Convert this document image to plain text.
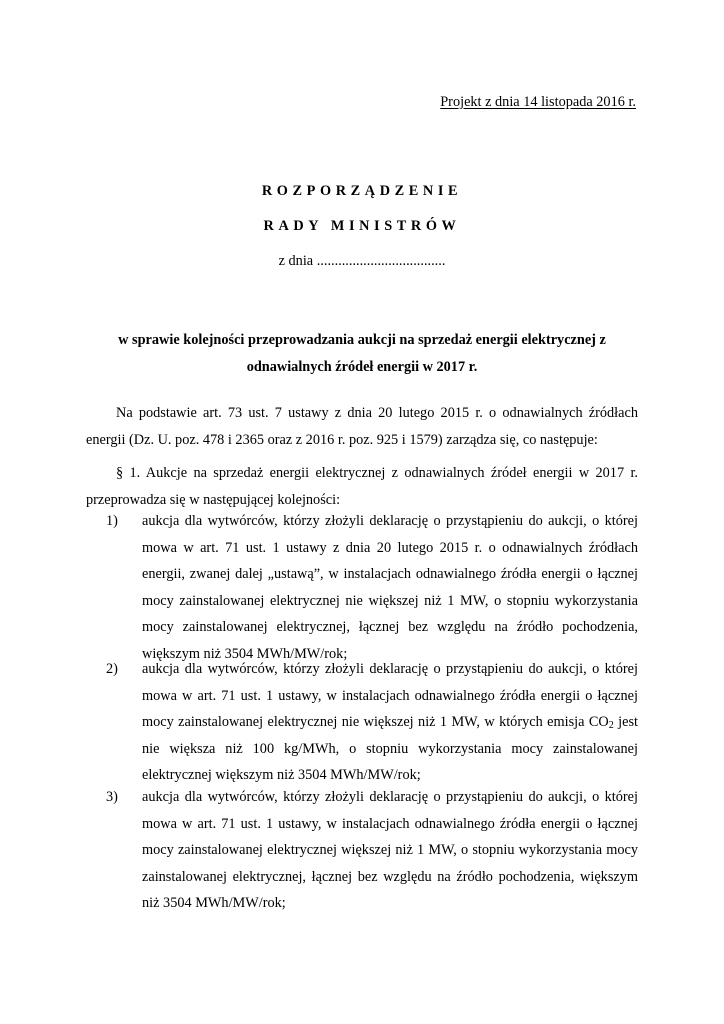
Projekt z dnia 14 listopada 2016 r.
ROZPORZĄDZENIE
RADY MINISTRÓW
z dnia ....................................
w sprawie kolejności przeprowadzania aukcji na sprzedaż energii elektrycznej z odnawialnych źródeł energii w 2017 r.
Na podstawie art. 73 ust. 7 ustawy z dnia 20 lutego 2015 r. o odnawialnych źródłach energii (Dz. U. poz. 478 i 2365 oraz z 2016 r. poz. 925 i 1579) zarządza się, co następuje:
§ 1. Aukcje na sprzedaż energii elektrycznej z odnawialnych źródeł energii w 2017 r. przeprowadza się w następującej kolejności:
1) aukcja dla wytwórców, którzy złożyli deklarację o przystąpieniu do aukcji, o której mowa w art. 71 ust. 1 ustawy z dnia 20 lutego 2015 r. o odnawialnych źródłach energii, zwanej dalej „ustawą”, w instalacjach odnawialnego źródła energii o łącznej mocy zainstalowanej elektrycznej nie większej niż 1 MW, o stopniu wykorzystania mocy zainstalowanej elektrycznej, łącznej bez względu na źródło pochodzenia, większym niż 3504 MWh/MW/rok;
2) aukcja dla wytwórców, którzy złożyli deklarację o przystąpieniu do aukcji, o której mowa w art. 71 ust. 1 ustawy, w instalacjach odnawialnego źródła energii o łącznej mocy zainstalowanej elektrycznej nie większej niż 1 MW, w których emisja $CO_2$ jest nie większa niż 100 kg/MWh, o stopniu wykorzystania mocy zainstalowanej elektrycznej większym niż 3504 MWh/MW/rok;
3) aukcja dla wytwórców, którzy złożyli deklarację o przystąpieniu do aukcji, o której mowa w art. 71 ust. 1 ustawy, w instalacjach odnawialnego źródła energii o łącznej mocy zainstalowanej elektrycznej większej niż 1 MW, o stopniu wykorzystania mocy zainstalowanej elektrycznej, łącznej bez względu na źródło pochodzenia, większym niż 3504 MWh/MW/rok;
